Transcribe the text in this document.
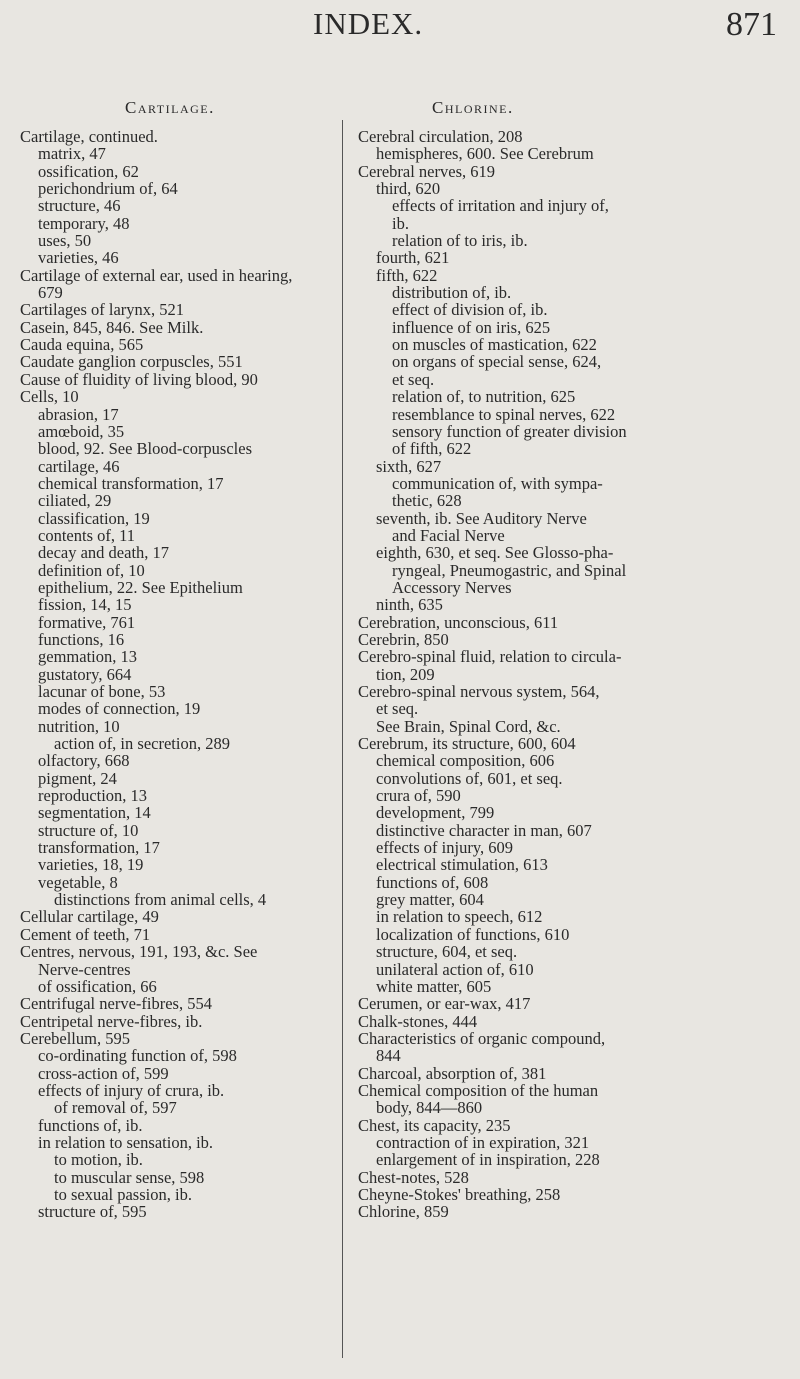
INDEX.	871
Cartilage.	Chlorine.
Cartilage, continued.
matrix, 47
ossification, 62
perichondrium of, 64
structure, 46
temporary, 48
uses, 50
varieties, 46
Cartilage of external ear, used in hearing,
679
Cartilages of larynx, 521
Casein, 845, 846. See Milk.
Cauda equina, 565
Caudate ganglion corpuscles, 551
Cause of fluidity of living blood, 90
Cells, 10
abrasion, 17
amœboid, 35
blood, 92. See Blood-corpuscles
cartilage, 46
chemical transformation, 17
ciliated, 29
classification, 19
contents of, 11
decay and death, 17
definition of, 10
epithelium, 22. See Epithelium
fission, 14, 15
formative, 761
functions, 16
gemmation, 13
gustatory, 664
lacunar of bone, 53
modes of connection, 19
nutrition, 10
action of, in secretion, 289
olfactory, 668
pigment, 24
reproduction, 13
segmentation, 14
structure of, 10
transformation, 17
varieties, 18, 19
vegetable, 8
distinctions from animal cells, 4
Cellular cartilage, 49
Cement of teeth, 71
Centres, nervous, 191, 193, &c. See
Nerve-centres
of ossification, 66
Centrifugal nerve-fibres, 554
Centripetal nerve-fibres, ib.
Cerebellum, 595
co-ordinating function of, 598
cross-action of, 599
effects of injury of crura, ib.
of removal of, 597
functions of, ib.
in relation to sensation, ib.
to motion, ib.
to muscular sense, 598
to sexual passion, ib.
structure of, 595
Cerebral circulation, 208
hemispheres, 600. See Cerebrum
Cerebral nerves, 619
third, 620
effects of irritation and injury of,
ib.
relation of to iris, ib.
fourth, 621
fifth, 622
distribution of, ib.
effect of division of, ib.
influence of on iris, 625
on muscles of mastication, 622
on organs of special sense, 624,
et seq.
relation of, to nutrition, 625
resemblance to spinal nerves, 622
sensory function of greater division
of fifth, 622
sixth, 627
communication of, with sympa-
thetic, 628
seventh, ib. See Auditory Nerve
and Facial Nerve
eighth, 630, et seq. See Glosso-pha-
ryngeal, Pneumogastric, and Spinal
Accessory Nerves
ninth, 635
Cerebration, unconscious, 611
Cerebrin, 850
Cerebro-spinal fluid, relation to circula-
tion, 209
Cerebro-spinal nervous system, 564,
et seq.
See Brain, Spinal Cord, &c.
Cerebrum, its structure, 600, 604
chemical composition, 606
convolutions of, 601, et seq.
crura of, 590
development, 799
distinctive character in man, 607
effects of injury, 609
electrical stimulation, 613
functions of, 608
grey matter, 604
in relation to speech, 612
localization of functions, 610
structure, 604, et seq.
unilateral action of, 610
white matter, 605
Cerumen, or ear-wax, 417
Chalk-stones, 444
Characteristics of organic compound,
844
Charcoal, absorption of, 381
Chemical composition of the human
body, 844—860
Chest, its capacity, 235
contraction of in expiration, 321
enlargement of in inspiration, 228
Chest-notes, 528
Cheyne-Stokes' breathing, 258
Chlorine, 859
